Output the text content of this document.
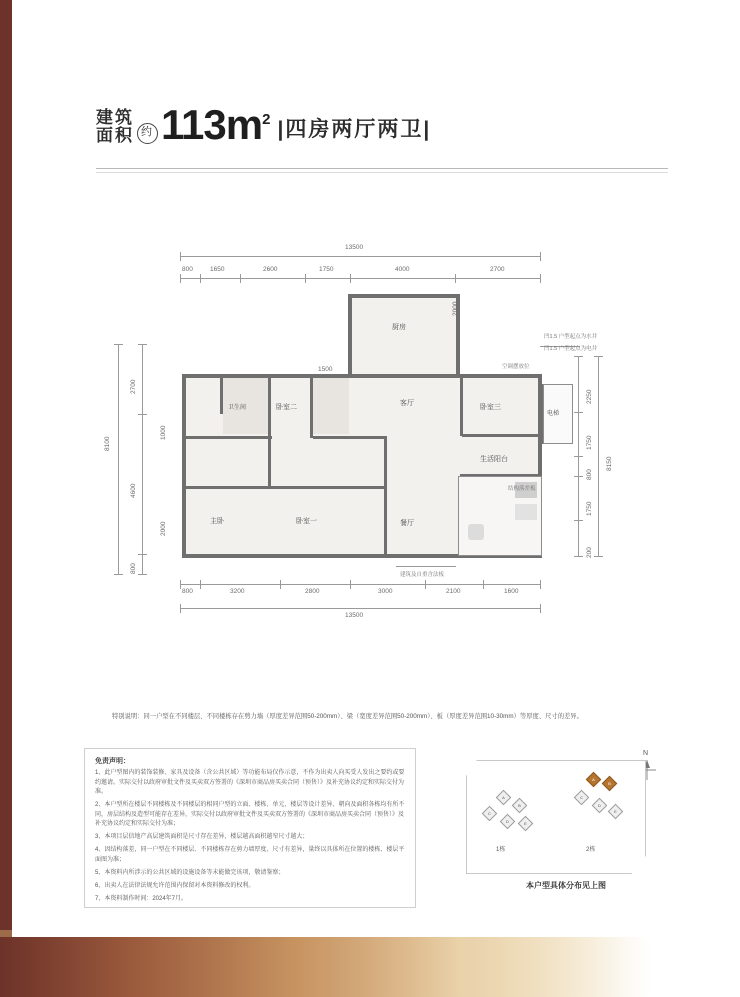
建筑
面积 约 $113m^2$ |四房两厅两卫|
13500
800	1650	2600	1750	4000	2700
8100
2700
4600
800
8150
2250
1750
800
1750
200
800	3200	2800	3000	2100	1600
13500
厨房
2000
客厅
卫生间	卧室二	卧室三
主卧	卧室一	餐厅
生活阳台
电梯
凹1.5 户型起点为水井
凹1.5 户型起点为电井
空调摆放位
结构落差板
建筑及自重含法板
1500
1000
2000
特别说明：同一户型在不同楼层、不同楼栋存在剪力墙（厚度差异范围50-200mm）、梁（宽度差异范围50-200mm）、板（厚度差异范围10-30mm）等厚度、尺寸的差异。
免责声明：

1、此户型图内的装饰装修、家具及设备（含公共区域）等功能布局仅作示意，不作为出卖人向买受人发出之要约或要约邀请。实际交付以政府审批文件及买卖双方签署的《深圳市商品房买卖合同（预售）》及补充协议约定和实际交付为准。

2、本户型所在楼层不同楼栋及不同楼层的相同户型的立面、楼栋、单元、楼层等设计差异、朝向及面积各栋均有所不同，房层结构及造型可能存在差异，实际交付以政府审批文件及买卖双方签署的《深圳市商品房买卖合同（预售）》及补充协议约定和实际交付为准；

3、本项目层信地产高层建筑面积是尺寸存在差异，楼层越高面积越窄尺寸越大；

4、因结构落差，同一户型在不同楼层、不同楼栋存在剪力墙厚度、尺寸有差异，量终以具体所在位置的楼栋、楼层平面图为准；

5、本资料内所涉示的公共区域的设施设备等未能做完该项，敬请鉴察；

6、出卖人在法律法规允许范围内保留对本资料修改的权利。

7、本资料制作时间：2024年7月。

N
A
B
C
D	E
1栋
A
B
C
D
E
2栋
本户型具体分布见上图
